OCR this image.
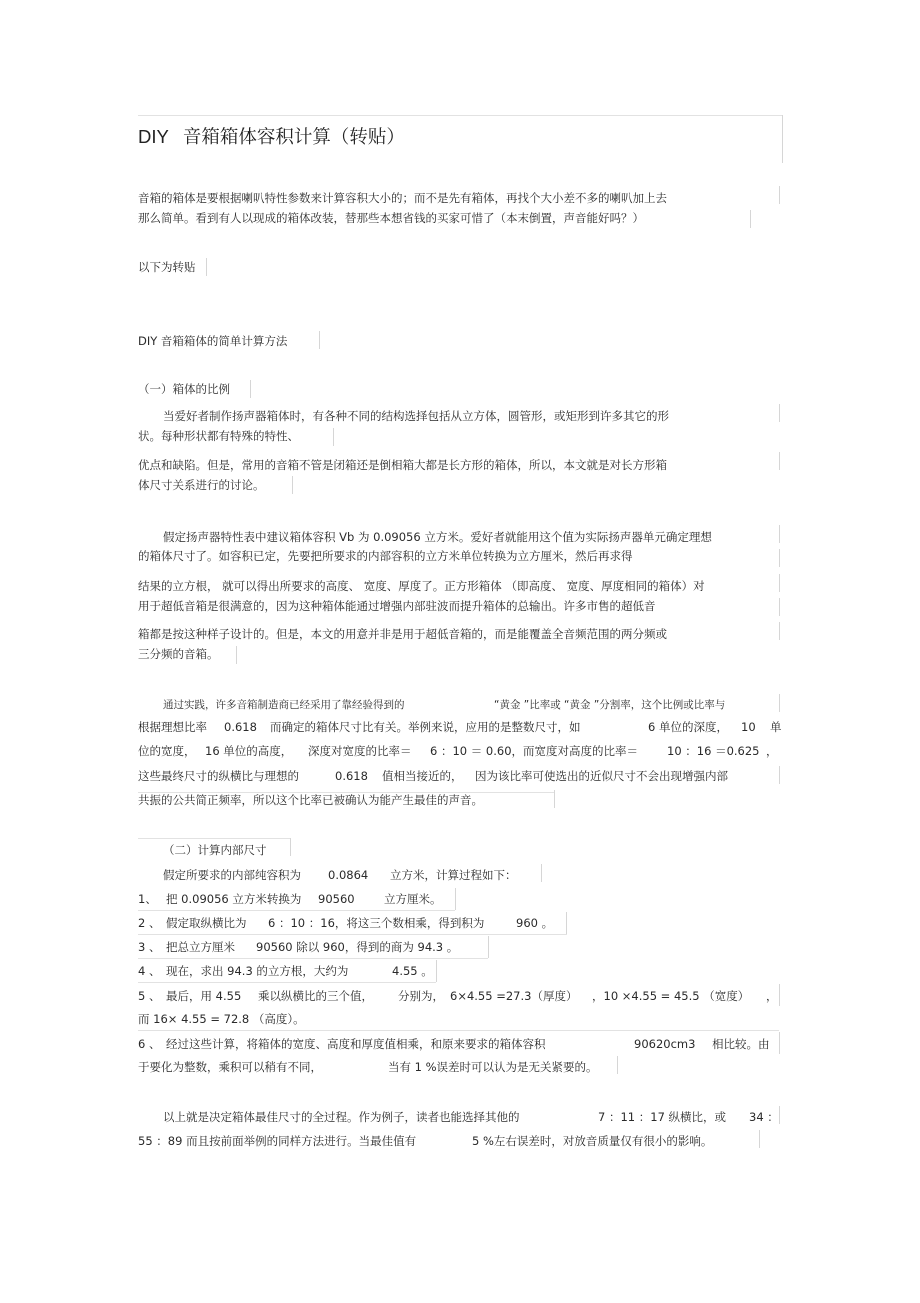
DIY 音箱箱体容积计算（转贴）
音箱的箱体是要根据喇叭特性参数来计算容积大小的；而不是先有箱体，再找个大小差不多的喇叭加上去
那么简单。看到有人以现成的箱体改装，替那些本想省钱的买家可惜了（本末倒置，声音能好吗？）
以下为转贴
DIY 音箱箱体的简单计算方法
（一）箱体的比例
当爱好者制作扬声器箱体时，有各种不同的结构选择包括从立方体，圆管形，或矩形到许多其它的形
状。每种形状都有特殊的特性、
优点和缺陷。但是，常用的音箱不管是闭箱还是倒相箱大都是长方形的箱体，所以，本文就是对长方形箱
体尺寸关系进行的讨论。
假定扬声器特性表中建议箱体容积 Vb 为 0.09056 立方米。爱好者就能用这个值为实际扬声器单元确定理想
的箱体尺寸了。如容积已定，先要把所要求的内部容积的立方米单位转换为立方厘米，然后再求得
结果的立方根， 就可以得出所要求的高度、 宽度、厚度了。正方形箱体 （即高度、 宽度、厚度相同的箱体）对
用于超低音箱是很满意的，因为这种箱体能通过增强内部驻波而提升箱体的总输出。许多市售的超低音
箱都是按这种样子设计的。但是，本文的用意并非是用于超低音箱的，而是能覆盖全音频范围的两分频或
三分频的音箱。
通过实践，许多音箱制造商已经采用了靠经验得到的	“黄金 ”比率或 “黄金 ”分割率，这个比例或比率与
根据理想比率 0.618 而确定的箱体尺寸比有关。举例来说，应用的是整数尺寸，如	6 单位的深度， 10 单
位的宽度， 16 单位的高度， 深度对宽度的比率＝ 6 ：10 ＝ 0.60，而宽度对高度的比率＝	10 ：16 ＝0.625 ，
这些最终尺寸的纵横比与理想的	0.618 值相当接近的， 因为该比率可使选出的近似尺寸不会出现增强内部
共振的公共简正频率，所以这个比率已被确认为能产生最佳的声音。
（二）计算内部尺寸
假定所要求的内部纯容积为 0.0864 立方米，计算过程如下：
1、 把 0.09056 立方米转换为 90560	立方厘米。
2 、 假定取纵横比为 6 ：10 ：16，将这三个数相乘，得到积为	960 。
3 、 把总立方厘米 90560 除以 960，得到的商为 94.3 。
4 、 现在，求出 94.3 的立方根，大约为	4.55 。
5 、 最后，用 4.55 乘以纵横比的三个值， 分别为， 6×4.55 =27.3（厚度） ，10 ×4.55 = 45.5 （宽度） ，
而 16× 4.55 = 72.8 （高度）。
6 、 经过这些计算，将箱体的宽度、高度和厚度值相乘，和原来要求的箱体容积	90620cm3 相比较。由
于要化为整数，乘积可以稍有不同，	当有 1 %误差时可以认为是无关紧要的。
以上就是决定箱体最佳尺寸的全过程。作为例子，读者也能选择其他的	7 ：11 ：17 纵横比，或 34 ：
55 ：89 而且按前面举例的同样方法进行。当最佳值有	5 %左右误差时，对放音质量仅有很小的影响。
